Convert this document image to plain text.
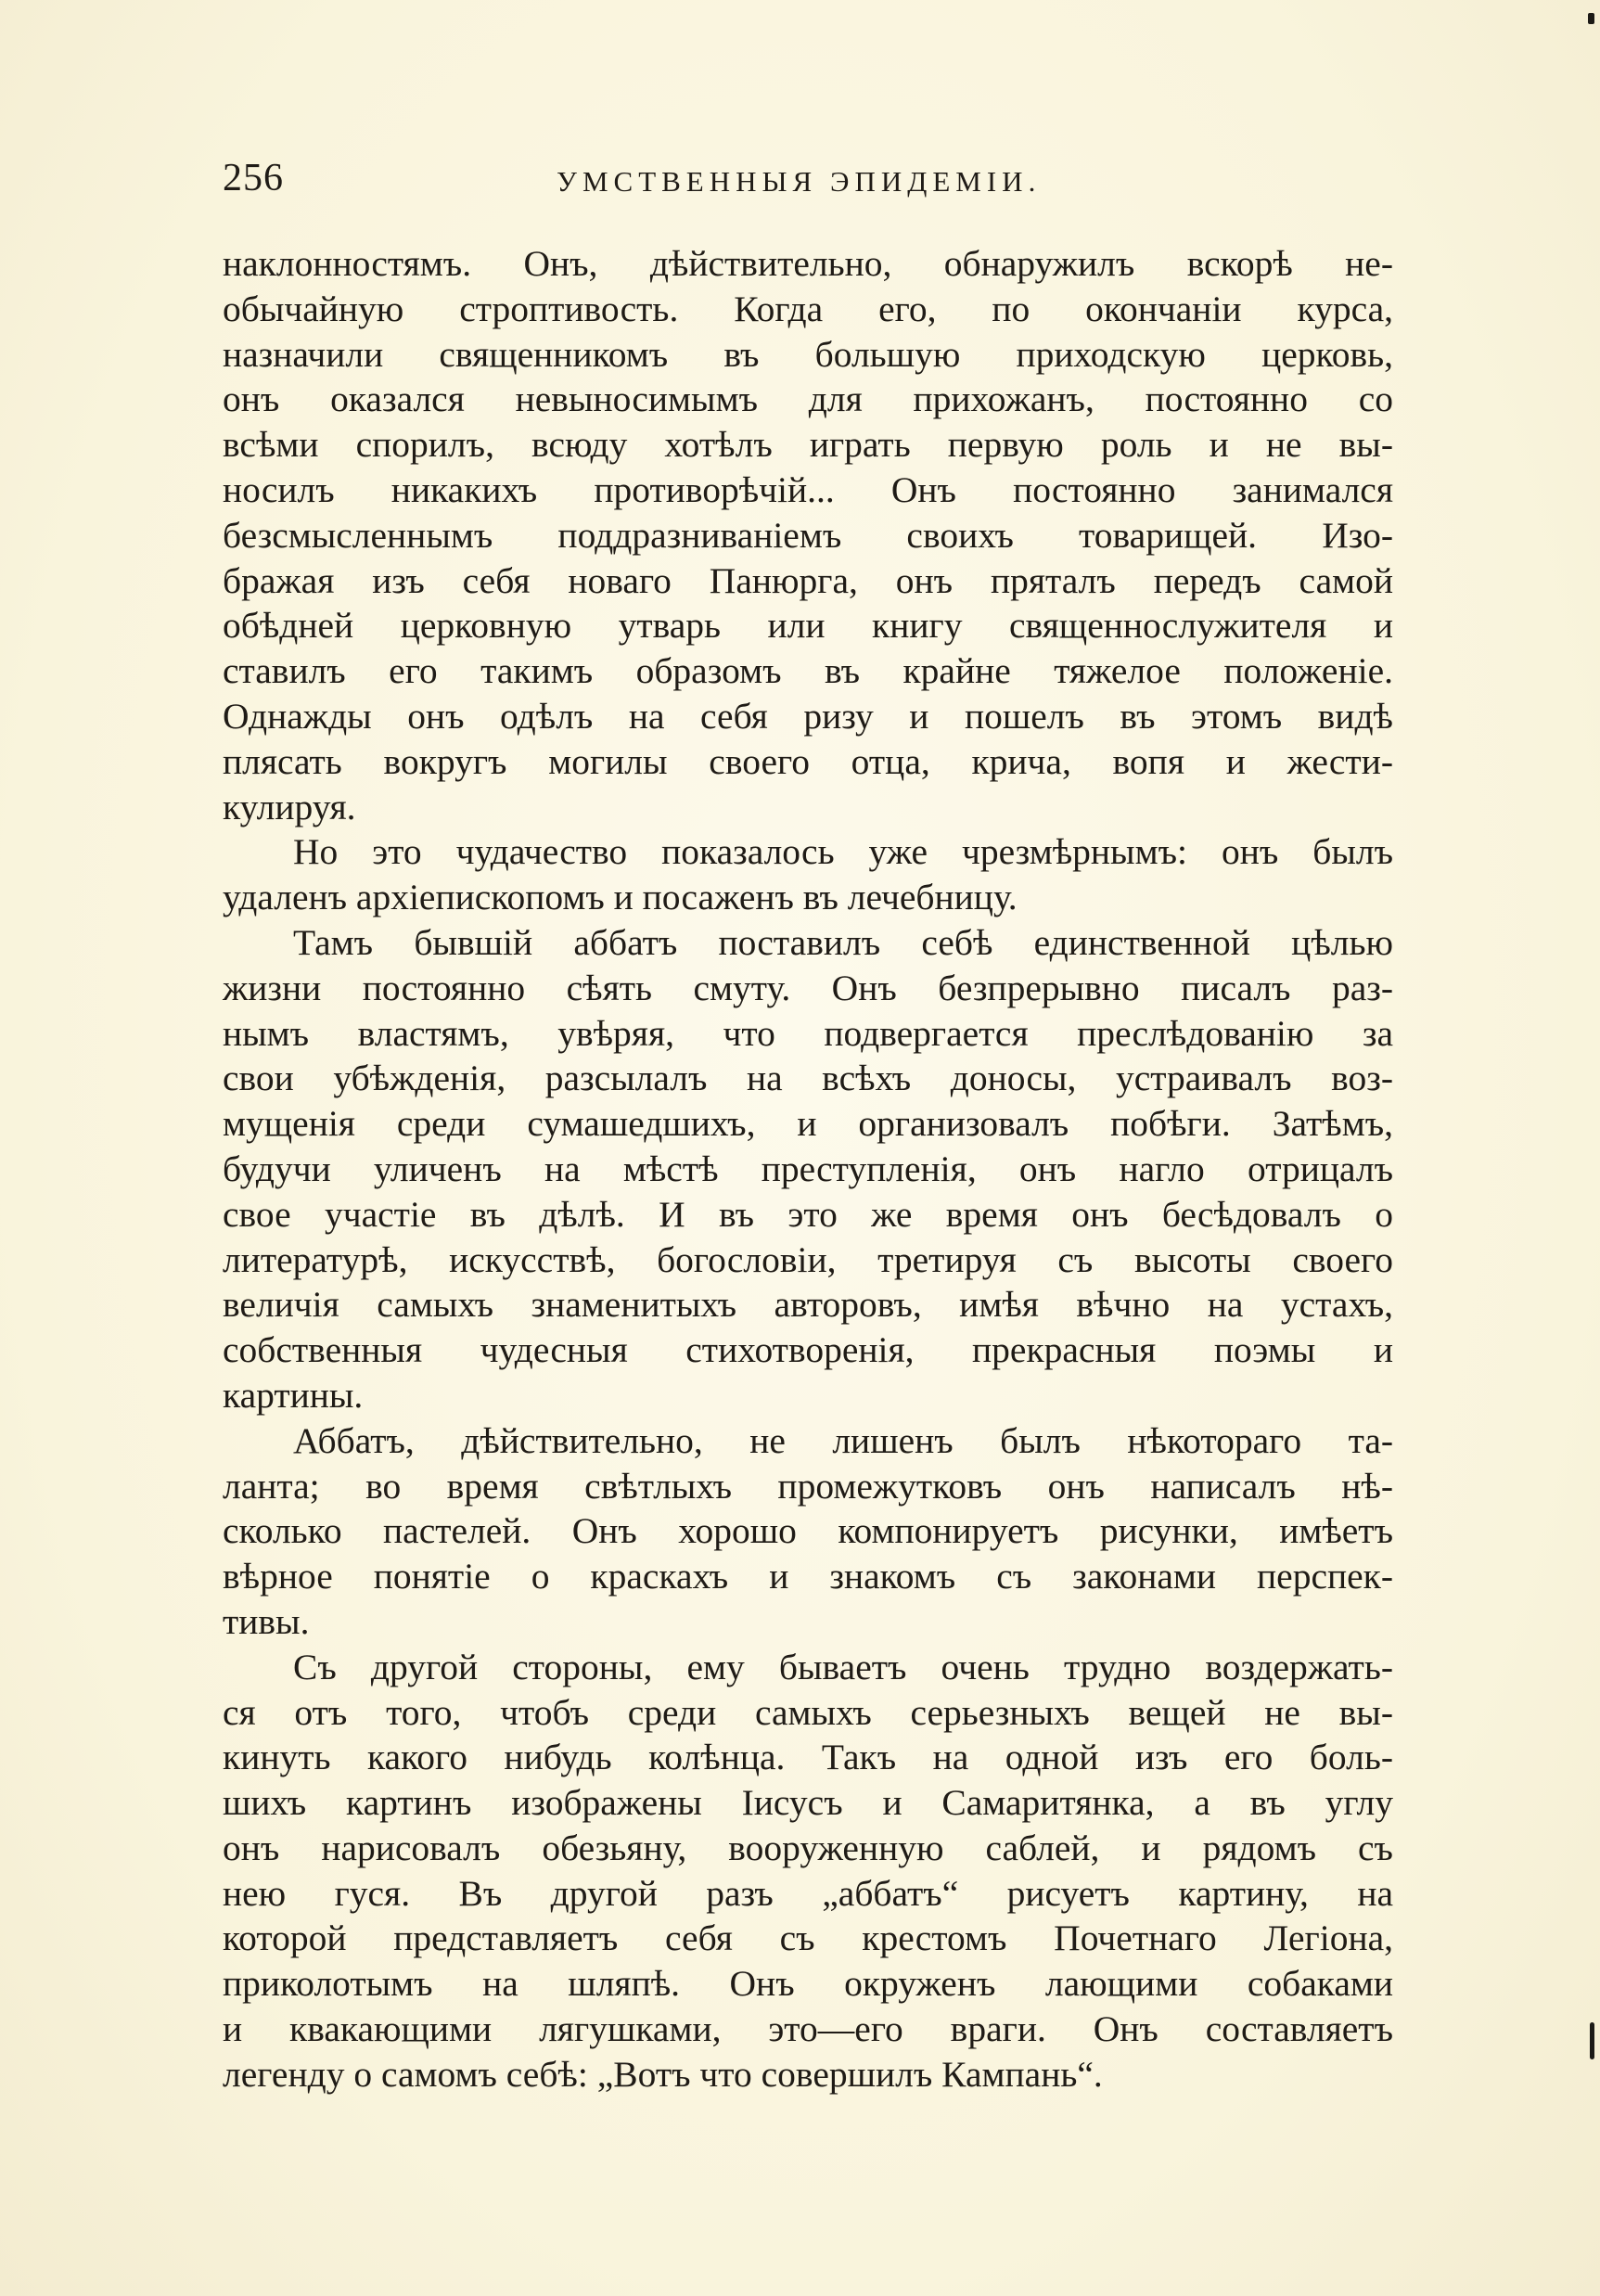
256	УМСТВЕННЫЯ ЭПИДЕМІИ.
наклонностямъ. Онъ, дѣйствительно, обнаружилъ вскорѣ не-
обычайную строптивость. Когда его, по окончаніи курса,
назначили священникомъ въ большую приходскую церковь,
онъ оказался невыносимымъ для прихожанъ, постоянно со
всѣми спорилъ, всюду хотѣлъ играть первую роль и не вы-
носилъ никакихъ противорѣчій... Онъ постоянно занимался
безсмысленнымъ поддразниваніемъ своихъ товарищей. Изо-
бражая изъ себя новаго Панюрга, онъ пряталъ передъ самой
обѣдней церковную утварь или книгу священнослужителя и
ставилъ его такимъ образомъ въ крайне тяжелое положеніе.
Однажды онъ одѣлъ на себя ризу и пошелъ въ этомъ видѣ
плясать вокругъ могилы своего отца, крича, вопя и жести-
кулируя.
Но это чудачество показалось уже чрезмѣрнымъ: онъ былъ
удаленъ архіепископомъ и посаженъ въ лечебницу.
Тамъ бывшій аббатъ поставилъ себѣ единственной цѣлью
жизни постоянно сѣять смуту. Онъ безпрерывно писалъ раз-
нымъ властямъ, увѣряя, что подвергается преслѣдованію за
свои убѣжденія, разсылалъ на всѣхъ доносы, устраивалъ воз-
мущенія среди сумашедшихъ, и организовалъ побѣги. Затѣмъ,
будучи уличенъ на мѣстѣ преступленія, онъ нагло отрицалъ
свое участіе въ дѣлѣ. И въ это же время онъ бесѣдовалъ о
литературѣ, искусствѣ, богословіи, третируя съ высоты своего
величія самыхъ знаменитыхъ авторовъ, имѣя вѣчно на устахъ,
собственныя чудесныя стихотворенія, прекрасныя поэмы и
картины.
Аббатъ, дѣйствительно, не лишенъ былъ нѣкотораго та-
ланта; во время свѣтлыхъ промежутковъ онъ написалъ нѣ-
сколько пастелей. Онъ хорошо компонируетъ рисунки, имѣетъ
вѣрное понятіе о краскахъ и знакомъ съ законами перспек-
тивы.
Съ другой стороны, ему бываетъ очень трудно воздержать-
ся отъ того, чтобъ среди самыхъ серьезныхъ вещей не вы-
кинуть какого нибудь колѣнца. Такъ на одной изъ его боль-
шихъ картинъ изображены Іисусъ и Самаритянка, а въ углу
онъ нарисовалъ обезьяну, вооруженную саблей, и рядомъ съ
нею гуся. Въ другой разъ „аббатъ“ рисуетъ картину, на
которой представляетъ себя съ крестомъ Почетнаго Легіона,
приколотымъ на шляпѣ. Онъ окруженъ лающими собаками
и квакающими лягушками, это—его враги. Онъ составляетъ
легенду о самомъ себѣ: „Вотъ что совершилъ Кампань“.
